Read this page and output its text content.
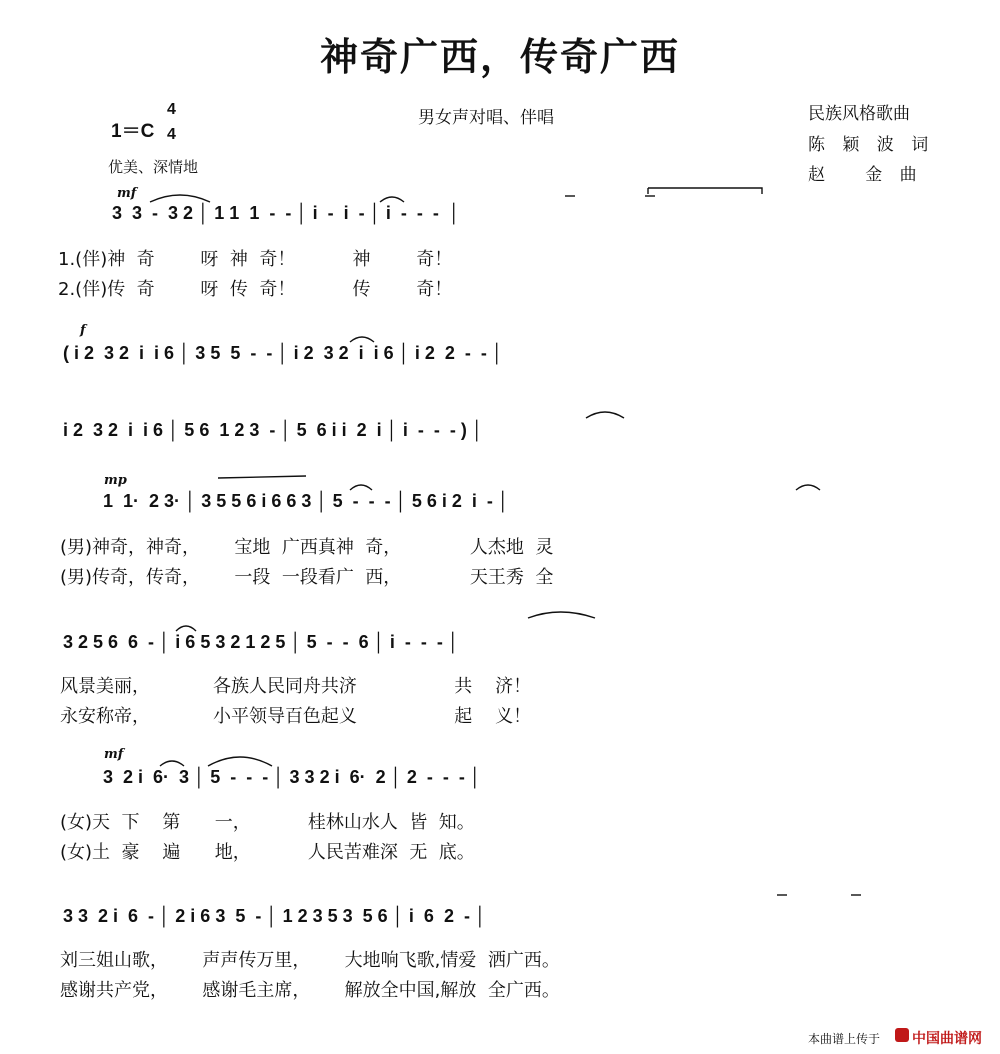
神奇广西，传奇广西
男女声对唱、伴唱	民族风格歌曲
陈 颖 波 词
赵   金 曲
1＝C
4
4
优美、深情地
mf
3  3  -  3 2 │ 1 1  1  -  - │ i  -  i  - │ i  -  -  -  │
1.(伴)神  奇        呀  神  奇！          神        奇！
2.(伴)传  奇        呀  传  奇！          传        奇！
f
( i 2  3 2  i  i 6 │ 3 5  5  -  - │ i 2  3 2  i  i 6 │ i 2  2  -  - │
i 2  3 2  i  i 6 │ 5 6  1 2 3  - │ 5  6 i i  2  i │ i  -  -  - ) │
mp
1  1·  2 3· │ 3 5 5 6 i 6 6 3 │ 5  -  -  - │ 5 6 i 2  i  - │
(男)神奇，神奇，      宝地  广西真神  奇，            人杰地  灵
(男)传奇，传奇，      一段  一段看广  西，            天王秀  全
3 2 5 6  6  - │ i 6 5 3 2 1 2 5 │ 5  -  -  6 │ i  -  -  - │
风景美丽，           各族人民同舟共济                 共    济！
永安称帝，           小平领导百色起义                 起    义！
mf
3  2 i  6·  3 │ 5  -  -  - │ 3 3 2 i  6·  2 │ 2  -  -  - │
(女)天  下    第      一，          桂林山水人  皆  知。
(女)土  豪    遍      地，          人民苦难深  无  底。
3 3  2 i  6  - │ 2 i 6 3  5  - │ 1 2 3 5 3  5 6 │ i  6  2  - │
刘三姐山歌，      声声传万里，      大地响飞歌,情爱  洒广西。
感谢共产党，      感谢毛主席，      解放全中国,解放  全广西。
本曲谱上传于 中国曲谱网
